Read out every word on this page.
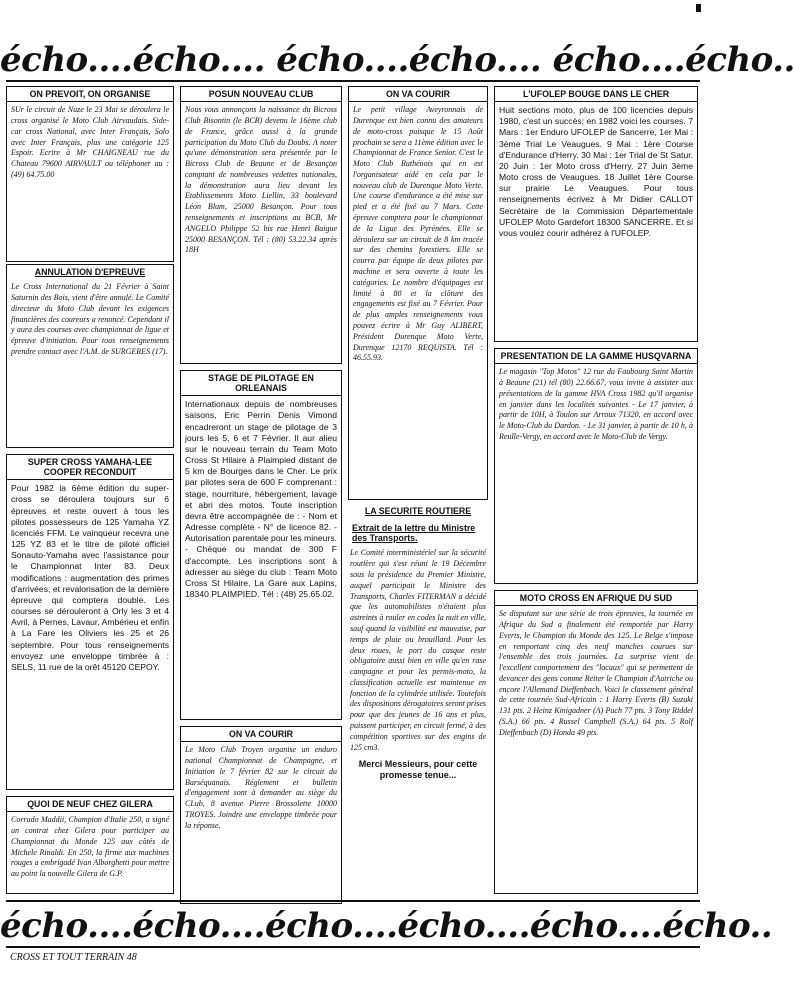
écho....écho.... écho....écho.... écho....écho..
ON PREVOIT, ON ORGANISE

SUr le circuit de Nuze le 23 Mai se déroulera le cross organisé le Moto Club Airvaudais. Side-car cross National, avec Inter Français, Solo avec Inter Français, plus une catégorie 125 Espoir. Ecrire à Mr CHAIGNEAU rue du Chateau 79600 AIRVAULT ou téléphoner au : (49) 64.75.00

ANNULATION D'EPREUVE

Le Cross International du 21 Février à Saint Saturnin des Bois, vient d'être annulé. Le Comité directeur du Moto Club devant les exigences financières des coureurs a renoncé. Cependant il y aura des courses avec championnat de ligue et épreuve d'initiation. Pour tous renseignements prendre contact avec l'A.M. de SURGERES (17).

SUPER CROSS YAMAHA-LEE COOPER RECONDUIT

Pour 1982 la 6ème édition du super-cross se déroulera toujours sur 6 épreuves et reste ouvert à tous les pilotes possesseurs de 125 Yamaha YZ licenciés FFM. Le vainqueur recevra une 125 YZ 83 et le titre de pilote officiel Sonauto-Yamaha avec l'assistance pour le Championnat Inter 83. Deux modifications : augmentation des primes d'arrivées, et revalorisation de la dernière épreuve qui comptera double. Les courses se dérouleront à Orly les 3 et 4 Avril, à Pernes, Lavaur, Ambérieu et enfin à La Fare les Oliviers les 25 et 26 septembre. Pour tous renseignements envoyez une enveloppe timbrée à : SELS, 11 rue de la orêt 45120 CEPOY.

QUOI DE NEUF CHEZ GILERA

Corrado Maddii, Champion d'Italie 250, a signé un contrat chez Gilera pour participer au Championnat du Monde 125 aux côtés de Michele Rinaldi. En 250, la firme aux machines rouges a embrigadé Ivan Alborghetti pour mettre au point la nouvelle Gilera de G.P.

POSUN NOUVEAU CLUB

Nous vous annonçons la naissance du Bicross Club Bisontin (le BCB) devenu le 16ème club de France, grâce aussi à la grande participation du Moto Club du Doubs. A noter qu'une démonstration sera présentée par le Bicross Club de Beaune et de Besançon comptant de nombreuses vedettes nationales, la démonstration aura lieu devant les Etablissements Moto Liellin, 33 boulevard Léon Blum, 25000 Besançon. Pour tous renseignements et inscriptions au BCB, Mr ANGELO Philippe 52 bis rue Henri Baigue 25000 BESANÇON. Tél : (80) 53.22.34 après 18H

STAGE DE PILOTAGE EN ORLEANAIS

Internationaux depuis de nombreuses saisons, Eric Perrin Denis Vimond encadreront un stage de pilotage de 3 jours les 5, 6 et 7 Février. Il aur alieu sur le nouveau terrain du Team Moto Cross St Hilaire à Plaimpied distant de 5 km de Bourges dans le Cher. Le prix par pilotes sera de 600 F comprenant : stage, nourriture, hébergement, lavage et abri des motos. Toute inscription devra être accompagnée de : - Nom et Adresse complète - N° de licence 82. - Autorisation parentale pour les mineurs. - Chèque ou mandat de 300 F d'accompte. Les inscriptions sont à adresser au siège du club : Team Moto Cross St Hilaire, La Gare aux Lapins, 18340 PLAIMPIED. Tél : (48) 25.65.02.

ON VA COURIR

Le Moto Club Troyen organise un enduro national Championnat de Champagne, et Initiation le 7 février 82 sur le circuit du Barséquanais. Réglement et bulletin d'engagement sont à demander au siège du CLub, 8 avenue Pierre Brossolette 10000 TROYES. Joindre une enveloppe timbrée pour la réponse.

ON VA COURIR

Le petit village Aveyronnais de Durenque est bien connu des amateurs de moto-cross puisque le 15 Août prochain se sera a 11ème édition avec le Championnat de France Senior. C'est le Moto Club Ruthénois qui en est l'organisateur aidé en cela par le nouveau club de Durenque Moto Verte. Une course d'endurance a été mise sur pied et a été fixé au 7 Mars. Cette épreuve comptera pour le championnat de la Ligue des Pyrénées. Elle se déroulera sur un circuit de 8 km tracée sur des chemins forestiers. Elle se courra par équipe de deux pilotes par machine et sera ouverte à toute les catégories. Le nombre d'équipages est limité à 80 et la clôture des engagements est fixé au 7 Février. Pour de plus amples renseignements vous pouvez écrire à Mr Guy ALIBERT, Président Durenque Moto Verte, Durenque 12170 REQUISTA. Tél : 46.55.93.

LA SECURITE ROUTIERE
Extrait de la lettre du Ministre des Transports.

Le Comité interministériel sur la sécurité routière qui s'est réuni le 19 Décembre sous la présidence du Premier Ministre, auquel participait le Ministre des Transports, Charles FITERMAN a décidé que les automobilistes n'étaient plus astreints à rouler en codes la nuit en ville, sauf quand la visibilité est mauvaise, par temps de pluie ou brouillard. Pour les deux roues, le port du casque reste obligatoire aussi bien en ville qu'en rase campagne et pour les permis-moto, la classification actuelle est maintenue en fonction de la cylindrée utilisée. Toutefois des dispositions dérogatoires seront prises pour que des jeunes de 16 ans et plus, puissent participer, en circuit fermé, à des compétition sportives sur des engins de 125 cm3.

Merci Messieurs, pour cette promesse tenue...
L'UFOLEP BOUGE DANS LE CHER

Huit sections moto, plus de 100 licencies depuis 1980, c'est un succès; en 1982 voici les courses. 7 Mars : 1er Enduro UFOLEP de Sancerre, 1er Mai : 3ème Trial Le Veaugues. 9 Mai : 1ère Course d'Endurance d'Herry. 30 Mai : 1er Trial de St Satur. 20 Juin : 1er Moto cross d'Herry. 27 Juin 3ème Moto cross de Veaugues. 18 Juillet 1ère Course sur prairie Le Veaugues. Pour tous renseignements écrivez à Mr Didier CALLOT Secrétaire de la Commission Départementale UFOLEP Moto Gardefort 18300 SANCERRE. Et si vous voulez courir adhérez à l'UFOLEP.

PRESENTATION DE LA GAMME HUSQVARNA

Le magasin "Top Motos" 12 rue du Faubourg Saint Martin à Beaune (21) tél (80) 22.66.67, vous invite à assister aux présentations de la gamme HVA Cross 1982 qu'il organise en janvier dans les localités suivantes - Le 17 janvier, à partir de 10H, à Toulon sur Arroux 71320, en accord avec le Moto-Club du Dardon. - Le 31 janvier, à partir de 10 h, à Reulle-Vergy, en accord avec le Moto-Club de Vergy.

MOTO CROSS EN AFRIQUE DU SUD

Se disputant sur une série de trois épreuves, la tournée en Afrique du Sud a finalement été remportée par Harry Everts, le Champion du Monde des 125. Le Belge s'impose en remportant cinq des neuf manches courues sur l'ensemble des trois journées. La surprise vient de l'excellent comportement des "locaux" qui se permettent de devancer des gens comme Reiter le Champion d'Autriche ou encore l'Allemand Dieffenbach. Voici le classement général de cette tournée Sud-Africain : 1 Harry Everts (B) Suzuki 131 pts. 2 Heinz Kinigadner (A) Puch 77 pts. 3 Tony Riddel (S.A.) 66 pts. 4 Russel Campbell (S.A.) 64 pts. 5 Rolf Dieffenbach (D) Honda 49 pts.

écho....écho....écho....écho....écho....écho..
CROSS ET TOUT TERRAIN 48
